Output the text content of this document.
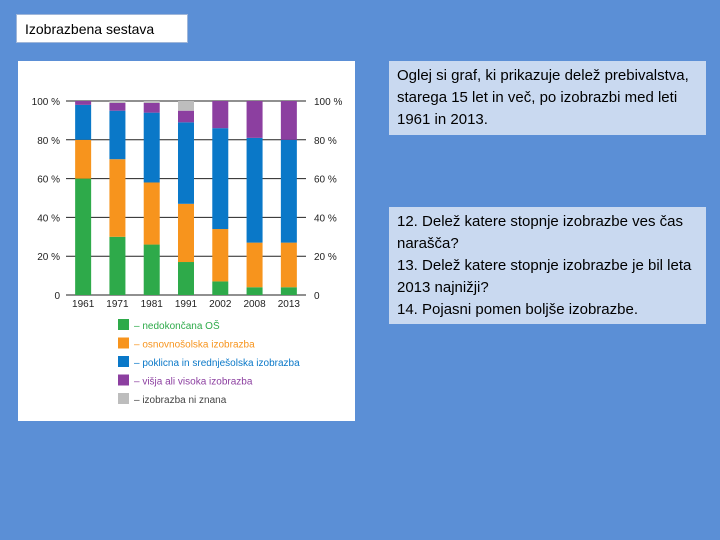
Izobrazbena sestava
0	0
20 %	20 %
40 %	40 %
60 %	60 %
80 %	80 %
100 %	100 %
1961 1971 1981 1991 2002 2008 2013
– nedokončana OŠ
– osnovnošolska izobrazba
– poklicna in srednješolska izobrazba
– višja ali visoka izobrazba
– izobrazba ni znana
Oglej si graf, ki prikazuje delež prebivalstva, starega 15 let in več, po izobrazbi med leti 1961 in 2013.
12. Delež katere stopnje izobrazbe ves čas narašča?
13. Delež katere stopnje izobrazbe je bil leta 2013 najnižji?
14. Pojasni pomen boljše izobrazbe.
